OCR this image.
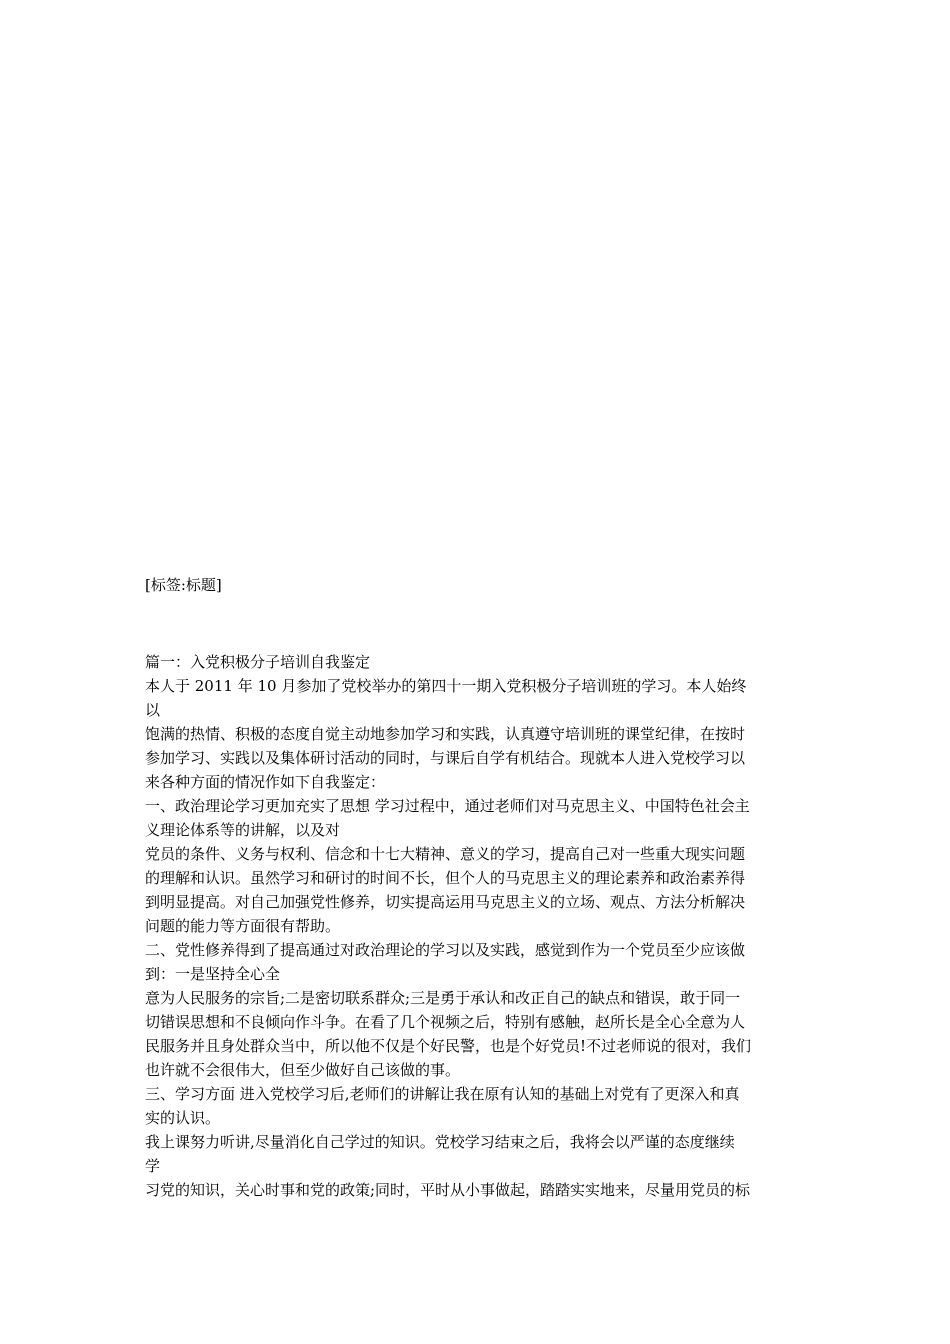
[标签:标题]
篇一：入党积极分子培训自我鉴定
本人于 2011 年 10 月参加了党校举办的第四十一期入党积极分子培训班的学习。本人始终
以
饱满的热情、积极的态度自觉主动地参加学习和实践，认真遵守培训班的课堂纪律，在按时
参加学习、实践以及集体研讨活动的同时，与课后自学有机结合。现就本人进入党校学习以
来各种方面的情况作如下自我鉴定：
一、政治理论学习更加充实了思想 学习过程中，通过老师们对马克思主义、中国特色社会主
义理论体系等的讲解，以及对
党员的条件、义务与权利、信念和十七大精神、意义的学习，提高自己对一些重大现实问题
的理解和认识。虽然学习和研讨的时间不长，但个人的马克思主义的理论素养和政治素养得
到明显提高。对自己加强党性修养，切实提高运用马克思主义的立场、观点、方法分析解决
问题的能力等方面很有帮助。
二、党性修养得到了提高通过对政治理论的学习以及实践，感觉到作为一个党员至少应该做
到：一是坚持全心全
意为人民服务的宗旨;二是密切联系群众;三是勇于承认和改正自己的缺点和错误，敢于同一
切错误思想和不良倾向作斗争。在看了几个视频之后，特别有感触，赵所长是全心全意为人
民服务并且身处群众当中，所以他不仅是个好民警，也是个好党员!不过老师说的很对，我们
也许就不会很伟大，但至少做好自己该做的事。
三、学习方面 进入党校学习后,老师们的讲解让我在原有认知的基础上对党有了更深入和真
实的认识。
我上课努力听讲,尽量消化自己学过的知识。党校学习结束之后，我将会以严谨的态度继续
学
习党的知识，关心时事和党的政策;同时，平时从小事做起，踏踏实实地来，尽量用党员的标
